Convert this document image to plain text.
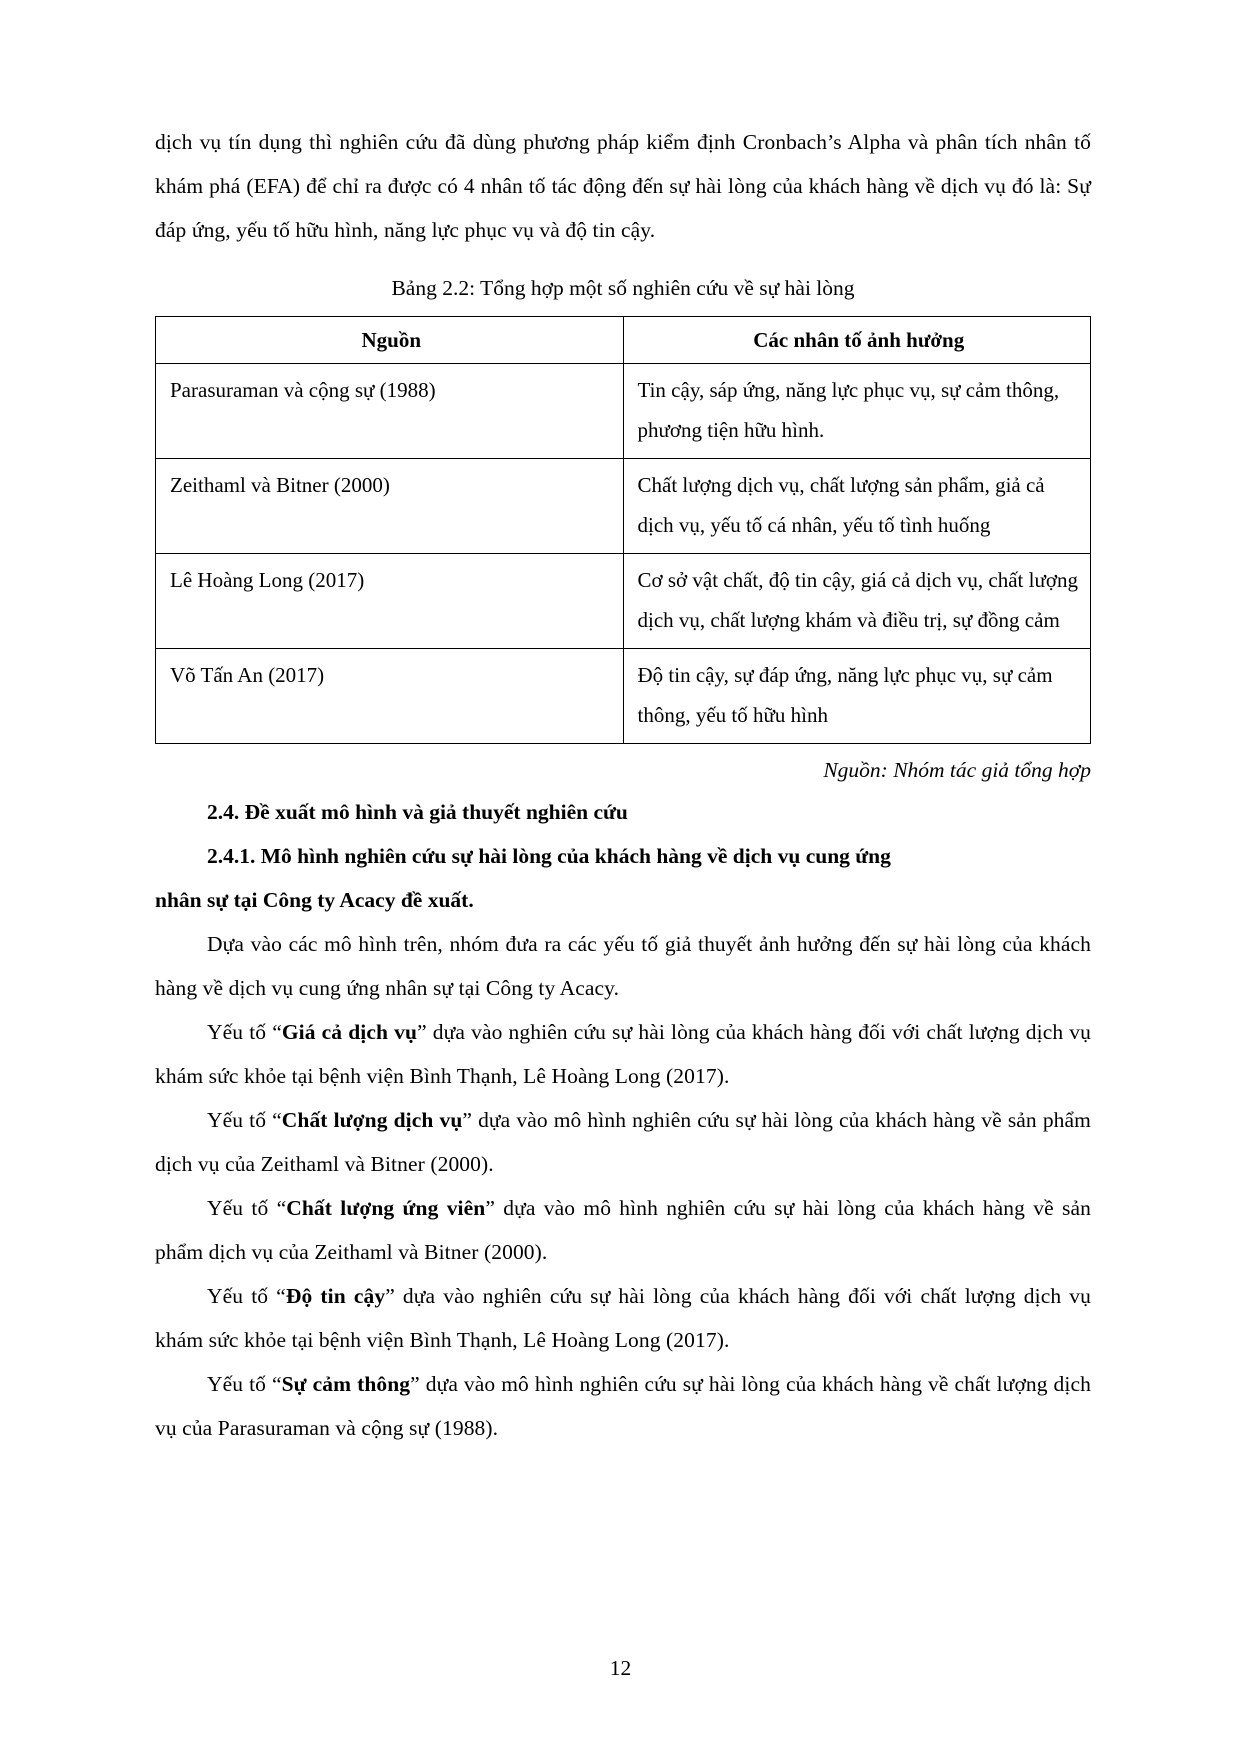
dịch vụ tín dụng thì nghiên cứu đã dùng phương pháp kiểm định Cronbach’s Alpha và phân tích nhân tố khám phá (EFA) để chỉ ra được có 4 nhân tố tác động đến sự hài lòng của khách hàng về dịch vụ đó là: Sự đáp ứng, yếu tố hữu hình, năng lực phục vụ và độ tin cậy.

Bảng 2.2: Tổng hợp một số nghiên cứu về sự hài lòng

Nguồn	Các nhân tố ảnh hưởng
Parasuraman và cộng sự (1988)	Tin cậy, sáp ứng, năng lực phục vụ, sự cảm thông, phương tiện hữu hình.
Zeithaml và Bitner (2000)	Chất lượng dịch vụ, chất lượng sản phẩm, giả cả dịch vụ, yếu tố cá nhân, yếu tố tình huống
Lê Hoàng Long (2017)	Cơ sở vật chất, độ tin cậy, giá cả dịch vụ, chất lượng dịch vụ, chất lượng khám và điều trị, sự đồng cảm
Võ Tấn An (2017)	Độ tin cậy, sự đáp ứng, năng lực phục vụ, sự cảm thông, yếu tố hữu hình

Nguồn: Nhóm tác giả tổng hợp

2.4. Đề xuất mô hình và giả thuyết nghiên cứu

2.4.1. Mô hình nghiên cứu sự hài lòng của khách hàng về dịch vụ cung ứng

nhân sự tại Công ty Acacy đề xuất.

Dựa vào các mô hình trên, nhóm đưa ra các yếu tố giả thuyết ảnh hưởng đến sự hài lòng của khách hàng về dịch vụ cung ứng nhân sự tại Công ty Acacy.

Yếu tố “Giá cả dịch vụ” dựa vào nghiên cứu sự hài lòng của khách hàng đối với chất lượng dịch vụ khám sức khỏe tại bệnh viện Bình Thạnh, Lê Hoàng Long (2017).

Yếu tố “Chất lượng dịch vụ” dựa vào mô hình nghiên cứu sự hài lòng của khách hàng về sản phẩm dịch vụ của Zeithaml và Bitner (2000).

Yếu tố “Chất lượng ứng viên” dựa vào mô hình nghiên cứu sự hài lòng của khách hàng về sản phẩm dịch vụ của Zeithaml và Bitner (2000).

Yếu tố “Độ tin cậy” dựa vào nghiên cứu sự hài lòng của khách hàng đối với chất lượng dịch vụ khám sức khỏe tại bệnh viện Bình Thạnh, Lê Hoàng Long (2017).

Yếu tố “Sự cảm thông” dựa vào mô hình nghiên cứu sự hài lòng của khách hàng về chất lượng dịch vụ của Parasuraman và cộng sự (1988).

12
